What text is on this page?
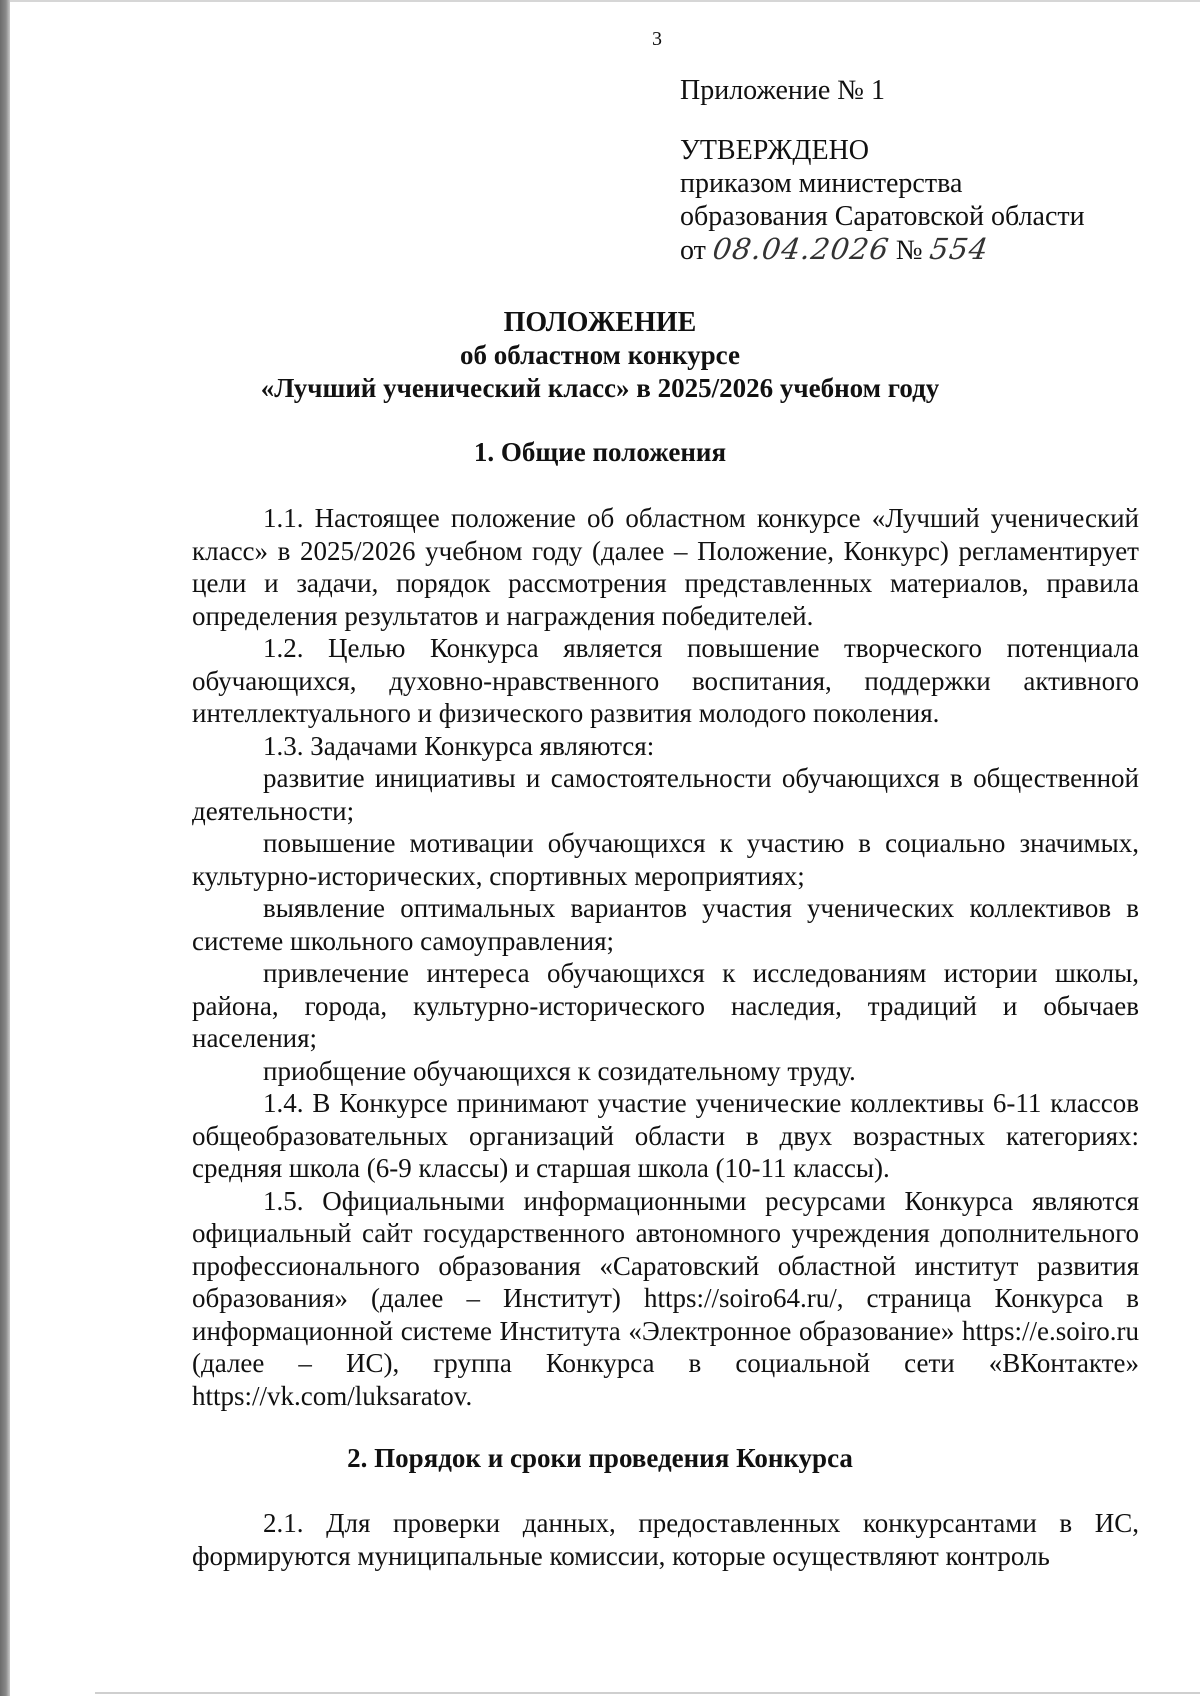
3
Приложение № 1
УТВЕРЖДЕНО
приказом министерства
образования Саратовской области
от 08.04.2026 № 554
ПОЛОЖЕНИЕ
об областном конкурсе
«Лучший ученический класс» в 2025/2026 учебном году
1. Общие положения

1.1. Настоящее положение об областном конкурсе «Лучший ученический класс» в 2025/2026 учебном году (далее – Положение, Конкурс) регламентирует цели и задачи, порядок рассмотрения представленных материалов, правила определения результатов и награждения победителей.

1.2. Целью Конкурса является повышение творческого потенциала обучающихся, духовно-нравственного воспитания, поддержки активного интеллектуального и физического развития молодого поколения.

1.3. Задачами Конкурса являются:

развитие инициативы и самостоятельности обучающихся в общественной деятельности;

повышение мотивации обучающихся к участию в социально значимых, культурно-исторических, спортивных мероприятиях;

выявление оптимальных вариантов участия ученических коллективов в системе школьного самоуправления;

привлечение интереса обучающихся к исследованиям истории школы, района, города, культурно-исторического наследия, традиций и обычаев населения;

приобщение обучающихся к созидательному труду.

1.4. В Конкурсе принимают участие ученические коллективы 6-11 классов общеобразовательных организаций области в двух возрастных категориях: средняя школа (6-9 классы) и старшая школа (10-11 классы).

1.5. Официальными информационными ресурсами Конкурса являются официальный сайт государственного автономного учреждения дополнительного профессионального образования «Саратовский областной институт развития образования» (далее – Институт) https://soiro64.ru/, страница Конкурса в информационной системе Института «Электронное образование» https://e.soiro.ru (далее – ИС), группа Конкурса в социальной сети «ВКонтакте» https://vk.com/luksaratov.

2. Порядок и сроки проведения Конкурса

2.1. Для проверки данных, предоставленных конкурсантами в ИС, формируются муниципальные комиссии, которые осуществляют контроль
